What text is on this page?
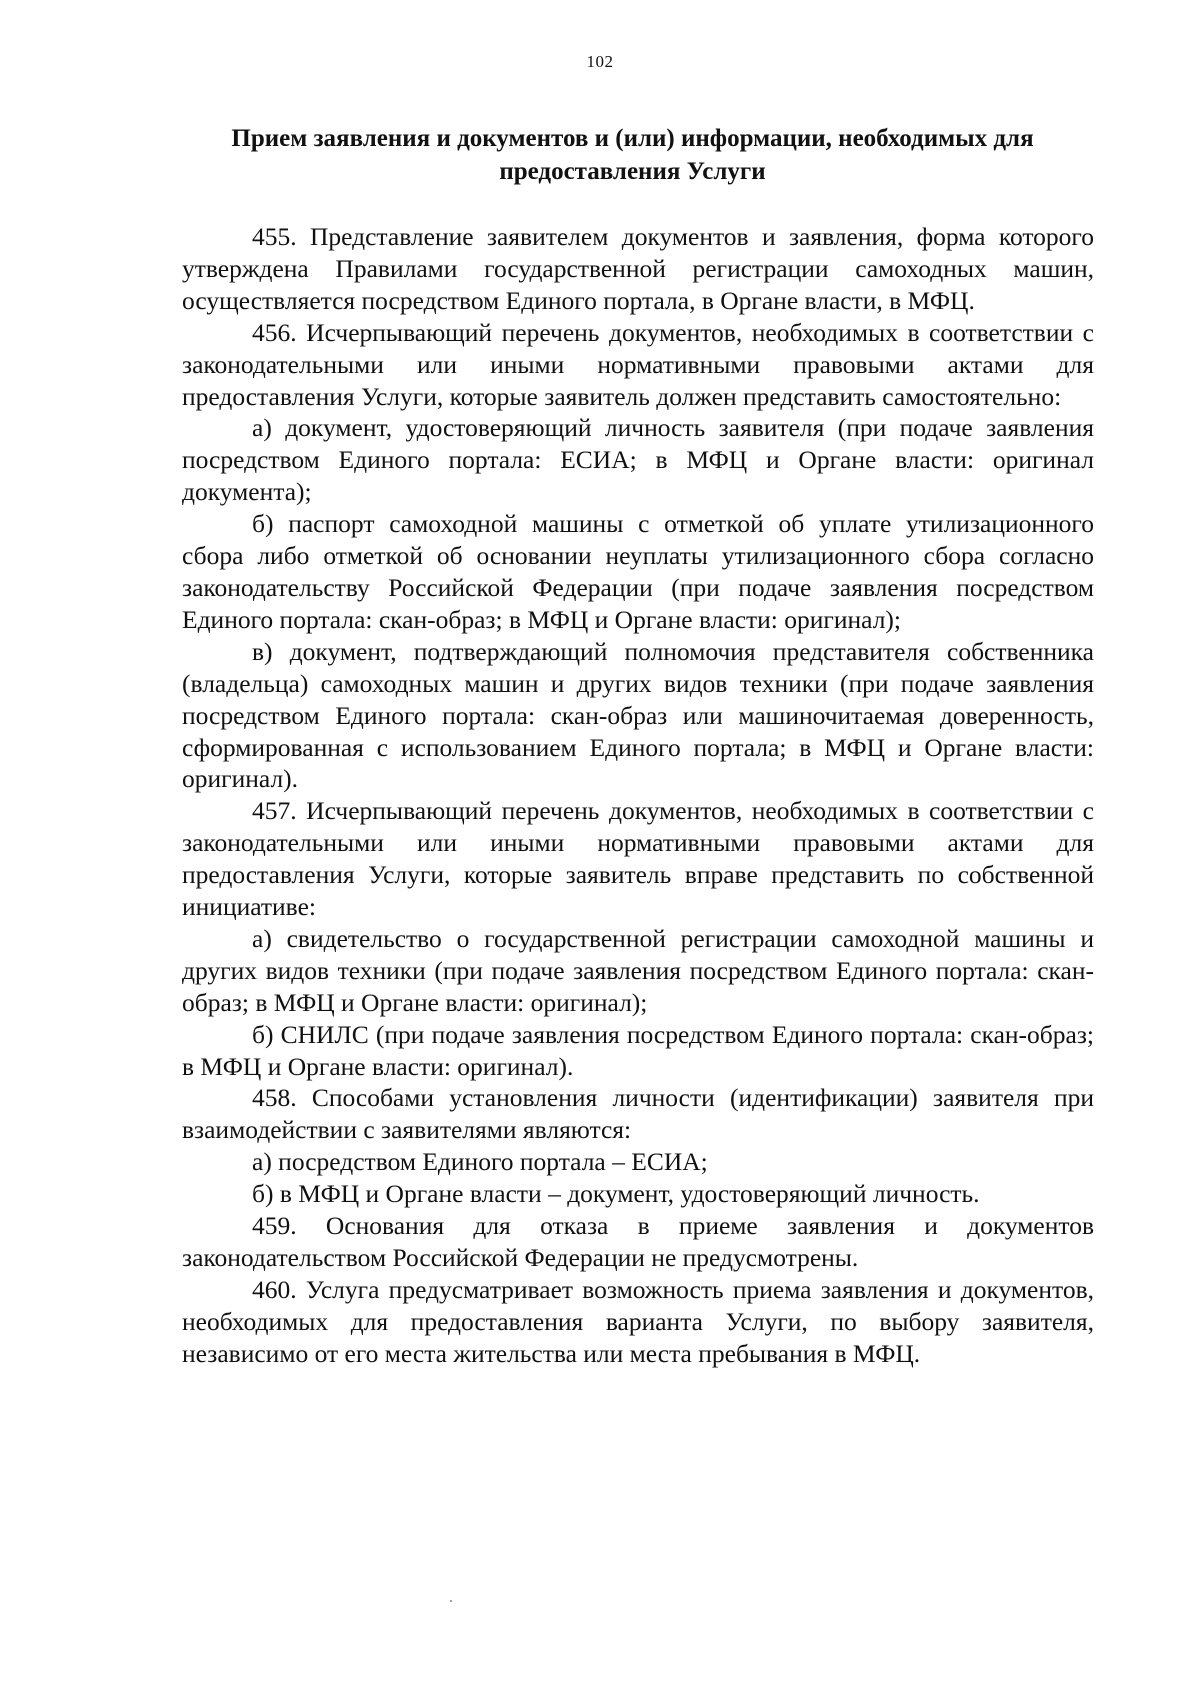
102
Прием заявления и документов и (или) информации, необходимых для предоставления Услуги

455. Представление заявителем документов и заявления, форма которого утверждена Правилами государственной регистрации самоходных машин, осуществляется посредством Единого портала, в Органе власти, в МФЦ.

456. Исчерпывающий перечень документов, необходимых в соответствии с законодательными или иными нормативными правовыми актами для предоставления Услуги, которые заявитель должен представить самостоятельно:

а) документ, удостоверяющий личность заявителя (при подаче заявления посредством Единого портала: ЕСИА; в МФЦ и Органе власти: оригинал документа);

б) паспорт самоходной машины с отметкой об уплате утилизационного сбора либо отметкой об основании неуплаты утилизационного сбора согласно законодательству Российской Федерации (при подаче заявления посредством Единого портала: скан-образ; в МФЦ и Органе власти: оригинал);

в) документ, подтверждающий полномочия представителя собственника (владельца) самоходных машин и других видов техники (при подаче заявления посредством Единого портала: скан-образ или машиночитаемая доверенность, сформированная с использованием Единого портала; в МФЦ и Органе власти: оригинал).

457. Исчерпывающий перечень документов, необходимых в соответствии с законодательными или иными нормативными правовыми актами для предоставления Услуги, которые заявитель вправе представить по собственной инициативе:

а) свидетельство о государственной регистрации самоходной машины и других видов техники (при подаче заявления посредством Единого портала: скан-образ; в МФЦ и Органе власти: оригинал);

б) СНИЛС (при подаче заявления посредством Единого портала: скан-образ; в МФЦ и Органе власти: оригинал).

458. Способами установления личности (идентификации) заявителя при взаимодействии с заявителями являются:

а) посредством Единого портала – ЕСИА;

б) в МФЦ и Органе власти – документ, удостоверяющий личность.

459. Основания для отказа в приеме заявления и документов законодательством Российской Федерации не предусмотрены.

460. Услуга предусматривает возможность приема заявления и документов, необходимых для предоставления варианта Услуги, по выбору заявителя, независимо от его места жительства или места пребывания в МФЦ.
